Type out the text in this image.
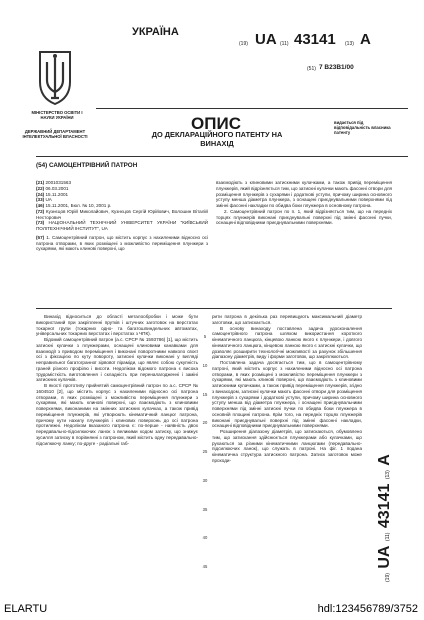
МІНІСТЕРСТВО ОСВІТИ І НАУКИ УКРАЇНИ
ДЕРЖАВНИЙ ДЕПАРТАМЕНТ ІНТЕЛЕКТУАЛЬНОЇ ВЛАСНОСТІ
УКРАЇНА
(19) UA (11) 43141 (13) A
(51) 7 B23B1/00
ОПИС
ДО ДЕКЛАРАЦІЙНОГО ПАТЕНТУ НА ВИНАХІД
видається під відповідальність власника патенту
(54) САМОЦЕНТРІВНИЙ ПАТРОН
(21) 2001031563
(22) 06.03.2001
(24) 15.11.2001
(33) UA
(46) 15.11.2001, Бюл. № 10, 2001 р.
(72) Кузнєцов Юрій Миколайович, Кузнєцов Сергій Юрійович, Волошин Віталій Несторович
(73) НАЦІОНАЛЬНИЙ ТЕХНІЧНИЙ УНІВЕРСИТЕТ УКРАЇНИ "КИЇВСЬКИЙ ПОЛІТЕХНІЧНИЙ ІНСТИТУТ", UA
(57) 1. Самоцентрівний патрон, що містить корпус з нахиленими відносно осі патрона отворами, в яких розміщені з можливістю переміщення плунжери з сухарями, які мають клинові поверхні, що

взаємодіють з клиновими затискними кулачками, а також привід переміщення плунжерів, який відрізняється тим, що затискні кулачки мають фасонні отвори для розміщення плунжерів з сухарями і додатковi уступи, причому ширина основного уступу менша діаметра плунжера, з оснащені приєднувальними поверхнями під змінні фасонні накладки по обидва боки плунжера в основному патрона.

2. Самоцентрівний патрон по п. 1, який відрізняється тим, що на передніх торцях плунжерів виконані приєднувальні поверхні під змінні фасонні пучки, оснащені відповідними приєднувальними поверхнями.

Винахід відноситься до області металообробки і може бути використаний при закріпленні прутків і штучних заготовок на верстатах токарної групи (токарних одно- та багатошпиндельних автоматах, універсальних токарних верстатах і верстатах з ЧПК).

Відомий самоцентрівний патрон (а.с. СРСР № 1593786) [1], що містить затискні кулачки з плунжерами, оснащені клиновими канавками для взаємодії з приводом переміщення і виконані поворотними навколо своєї осі з фіксацією по куту повороту, затискні кулачки виконані у вигляді неправильної багатогранної зірвової піраміди, що являє собою сукупність граней різного профілю і висоти. Недоліком відомого патрона є висока трудомісткість виготовлення і складність при переналагодженні і заміні затискних кулачків.

В якості прототипу прийнятий самоцентрівний патрон по а.с. СРСР № 1604510 [2], що містить корпус з нахиленими відносно осі патрона отворами, в яких розміщені з можливістю переміщення плунжери з сухарями, які мають клинові поверхні, що взаємодіють з клиновими поверхнями, виконаними на змінних затискних кулачках, а також привід переміщення плунжерів, які утворюють кінематичний ланцюг патрона, причому кути нахилу плунжерів і клинових поверхонь до осі патрона протилежні. Недоліком вказаного патрона є: по-перше - наявність двох передавально-підсилюючих ланок з великими кодом затиску, що знижує зусилля затиску в порівнянні з патроном, який містить одну передавально-підсилюючу ланку; по-друге - радіальні габ-

5
10
15
20
25
30
35
40
45

рити патрона в декілька раз перевищують максимальний діаметр заготовки, що затискається.

В основу винаходу поставлена задача удосконалення самоцентрівного патрона шляхом використання короткого кінематичного ланцюга, кінцевою ланкою якого є плунжери, і довгого кінематичного ланцюга, кінцевою ланкою якого є затискні кулачки, що дозволяє розширити технологічні можливості за рахунок збільшення діапазону діаметрів, виду і форми заготовок, що закріплюються.

Поставлена задача досягається тим, що в самоцентрівному патроні, який містить корпус з нахиленими відносно осі патрона отворами, в яких розміщені з можливістю переміщення плунжери з сухарями, які мають клинові поверхні, що взаємодіють з клиновими затискними кулачками, а також привід переміщення плунжерів, згідно з винаходом, затискні кулачки мають фасонні отвори для розміщення плунжерів з сухарями і додаткові уступи, причому ширина основного уступу менша від діаметра плунжера, і оснащені приєднувальними поверхнями під змінні затискні пучки по обидва боки плунжера в основній площині патрона. Крім того, на передніх торцях плунжерів виконані приєднувальні поверхні під змінні фасонні накладки, оснащені відповідними приєднувальними поверхнями.

Розширення діапазону діаметрів, що затискаються, обумовлено тим, що затискання здійснюється плунжерами або кулачками, що рухаються за різними кінематичними ланцюгами (передавально-підсилюючих ланок), що служать в патроні. На фіг. 1 подана кінематична структура затискного патрона. Затиск заготовок може проходи-

(19) UA (11) 43141 (13) A
ELARTU	hdl:123456789/3752
